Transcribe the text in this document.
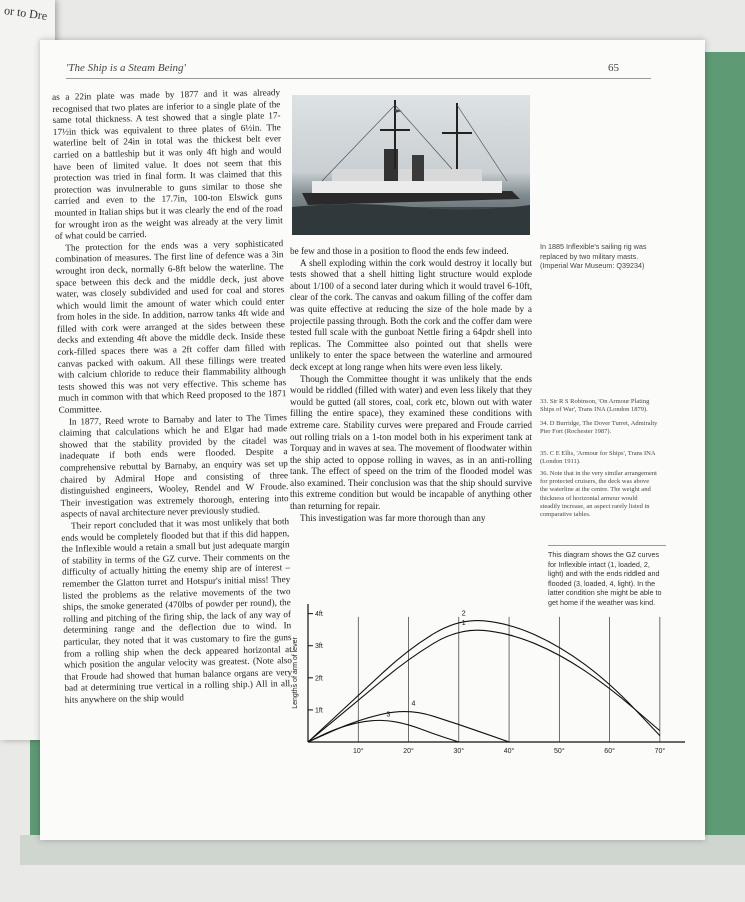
or to Dre
'The Ship is a Steam Being'	65

as a 22in plate was made by 1877 and it was already recognised that two plates are inferior to a single plate of the same total thickness. A test showed that a single plate 17-17½in thick was equivalent to three plates of 6½in. The waterline belt of 24in in total was the thickest belt ever carried on a battleship but it was only 4ft high and would have been of limited value. It does not seem that this protection was tried in final form. It was claimed that this protection was invulnerable to guns similar to those she carried and even to the 17.7in, 100-ton Elswick guns mounted in Italian ships but it was clearly the end of the road for wrought iron as the weight was already at the very limit of what could be carried.

The protection for the ends was a very sophisticated combination of measures. The first line of defence was a 3in wrought iron deck, normally 6-8ft below the waterline. The space between this deck and the middle deck, just above water, was closely subdivided and used for coal and stores which would limit the amount of water which could enter from holes in the side. In addition, narrow tanks 4ft wide and filled with cork were arranged at the sides between these decks and extending 4ft above the middle deck. Inside these cork-filled spaces there was a 2ft coffer dam filled with canvas packed with oakum. All these fillings were treated with calcium chloride to reduce their flammability although tests showed this was not very effective. This scheme has much in common with that which Reed proposed to the 1871 Committee.

In 1877, Reed wrote to Barnaby and later to The Times claiming that calculations which he and Elgar had made showed that the stability provided by the citadel was inadequate if both ends were flooded. Despite a comprehensive rebuttal by Barnaby, an enquiry was set up chaired by Admiral Hope and consisting of three distinguished engineers, Wooley, Rendel and W Froude. Their investigation was extremely thorough, entering into aspects of naval architecture never previously studied.

Their report concluded that it was most unlikely that both ends would be completely flooded but that if this did happen, the Inflexible would a retain a small but just adequate margin of stability in terms of the GZ curve. Their comments on the difficulty of actually hitting the enemy ship are of interest – remember the Glatton turret and Hotspur's initial miss! They listed the problems as the relative movements of the two ships, the smoke generated (470lbs of powder per round), the rolling and pitching of the firing ship, the lack of any way of determining range and the deflection due to wind. In particular, they noted that it was customary to fire the guns from a rolling ship when the deck appeared horizontal at which position the angular velocity was greatest. (Note also that Froude had showed that human balance organs are very bad at determining true vertical in a rolling ship.) All in all, hits anywhere on the ship would

In 1885 Inflexible's sailing rig was replaced by two military masts. (Imperial War Museum: Q39234)

be few and those in a position to flood the ends few indeed.

A shell exploding within the cork would destroy it locally but tests showed that a shell hitting light structure would explode about 1/100 of a second later during which it would travel 6-10ft, clear of the cork. The canvas and oakum filling of the coffer dam was quite effective at reducing the size of the hole made by a projectile passing through. Both the cork and the coffer dam were tested full scale with the gunboat Nettle firing a 64pdr shell into replicas. The Committee also pointed out that shells were unlikely to enter the space between the waterline and armoured deck except at long range when hits were even less likely.

Though the Committee thought it was unlikely that the ends would be riddled (filled with water) and even less likely that they would be gutted (all stores, coal, cork etc, blown out with water filling the entire space), they examined these conditions with extreme care. Stability curves were prepared and Froude carried out rolling trials on a 1-ton model both in his experiment tank at Torquay and in waves at sea. The movement of floodwater within the ship acted to oppose rolling in waves, as in an anti-rolling tank. The effect of speed on the trim of the flooded model was also examined. Their conclusion was that the ship should survive this extreme condition but would be incapable of anything other than returning for repair.

This investigation was far more thorough than any

33. Sir R S Robinson, 'On Armour Plating Ships of War', Trans INA (London 1879).
34. D Burridge, The Dover Turret, Admiralty Pier Fort (Rochester 1987).
35. C E Ellis, 'Armour for Ships', Trans INA (London 1911).
36. Note that in the very similar arrangement for protected cruisers, the deck was above the waterline at the centre. The weight and thickness of horizontal armour would steadily increase, an aspect rarely listed in comparative tables.
This diagram shows the GZ curves for Inflexible intact (1, loaded, 2, light) and with the ends riddled and flooded (3, loaded, 4, light). In the latter condition she might be able to get home if the weather was kind.
10°	20°	30°	40°	50°	60°	70°
1ft
2ft
3ft
4ft
Lengths of arm of lever
1
2
3
4
